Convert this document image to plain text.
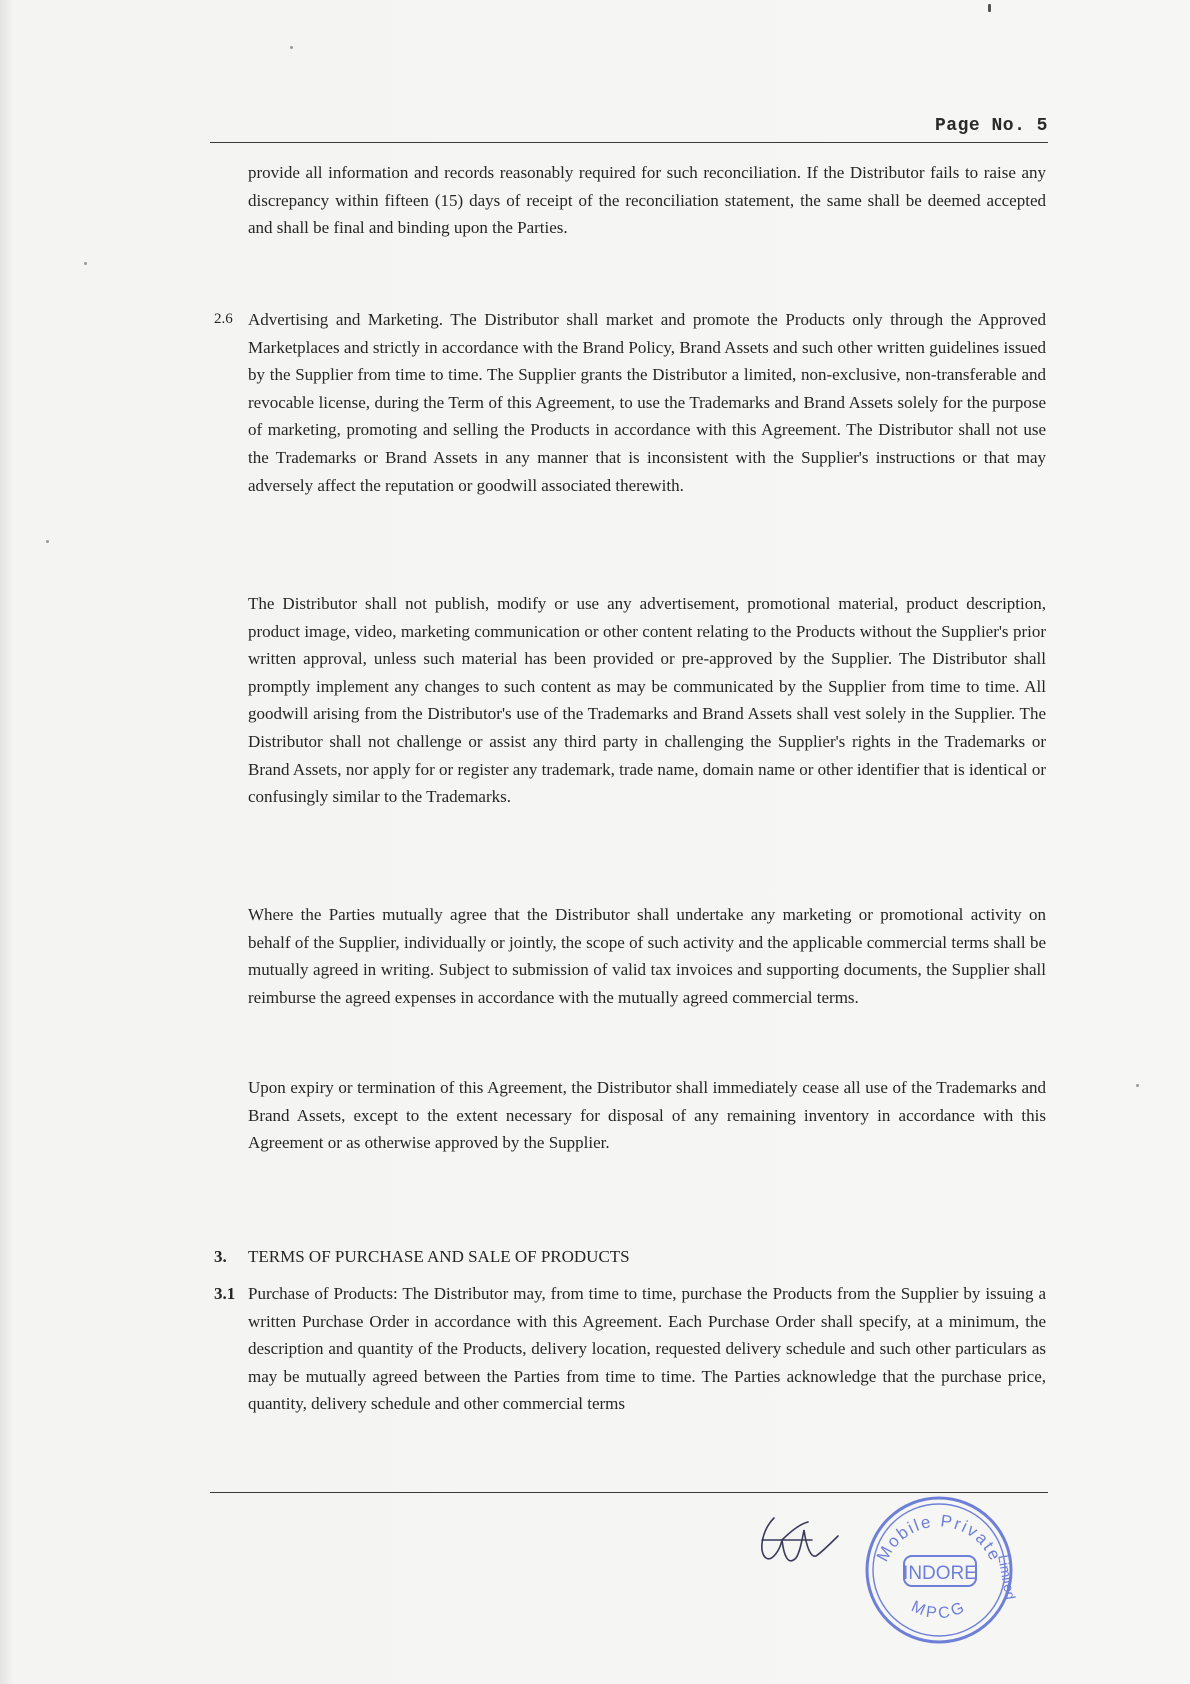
Page No. 5

provide all information and records reasonably required for such reconciliation. If the Distributor fails to raise any discrepancy within fifteen (15) days of receipt of the reconciliation statement, the same shall be deemed accepted and shall be final and binding upon the Parties.

2.6 Advertising and Marketing. The Distributor shall market and promote the Products only through the Approved Marketplaces and strictly in accordance with the Brand Policy, Brand Assets and such other written guidelines issued by the Supplier from time to time. The Supplier grants the Distributor a limited, non-exclusive, non-transferable and revocable license, during the Term of this Agreement, to use the Trademarks and Brand Assets solely for the purpose of marketing, promoting and selling the Products in accordance with this Agreement. The Distributor shall not use the Trademarks or Brand Assets in any manner that is inconsistent with the Supplier's instructions or that may adversely affect the reputation or goodwill associated therewith.

The Distributor shall not publish, modify or use any advertisement, promotional material, product description, product image, video, marketing communication or other content relating to the Products without the Supplier's prior written approval, unless such material has been provided or pre-approved by the Supplier. The Distributor shall promptly implement any changes to such content as may be communicated by the Supplier from time to time. All goodwill arising from the Distributor's use of the Trademarks and Brand Assets shall vest solely in the Supplier. The Distributor shall not challenge or assist any third party in challenging the Supplier's rights in the Trademarks or Brand Assets, nor apply for or register any trademark, trade name, domain name or other identifier that is identical or confusingly similar to the Trademarks.

Where the Parties mutually agree that the Distributor shall undertake any marketing or promotional activity on behalf of the Supplier, individually or jointly, the scope of such activity and the applicable commercial terms shall be mutually agreed in writing. Subject to submission of valid tax invoices and supporting documents, the Supplier shall reimburse the agreed expenses in accordance with the mutually agreed commercial terms.

Upon expiry or termination of this Agreement, the Distributor shall immediately cease all use of the Trademarks and Brand Assets, except to the extent necessary for disposal of any remaining inventory in accordance with this Agreement or as otherwise approved by the Supplier.

3. TERMS OF PURCHASE AND SALE OF PRODUCTS
3.1 Purchase of Products: The Distributor may, from time to time, purchase the Products from the Supplier by issuing a written Purchase Order in accordance with this Agreement. Each Purchase Order shall specify, at a minimum, the description and quantity of the Products, delivery location, requested delivery schedule and such other particulars as may be mutually agreed between the Parties from time to time. The Parties acknowledge that the purchase price, quantity, delivery schedule and other commercial terms
INDORE
Mobile Private
Limited
MPCG
